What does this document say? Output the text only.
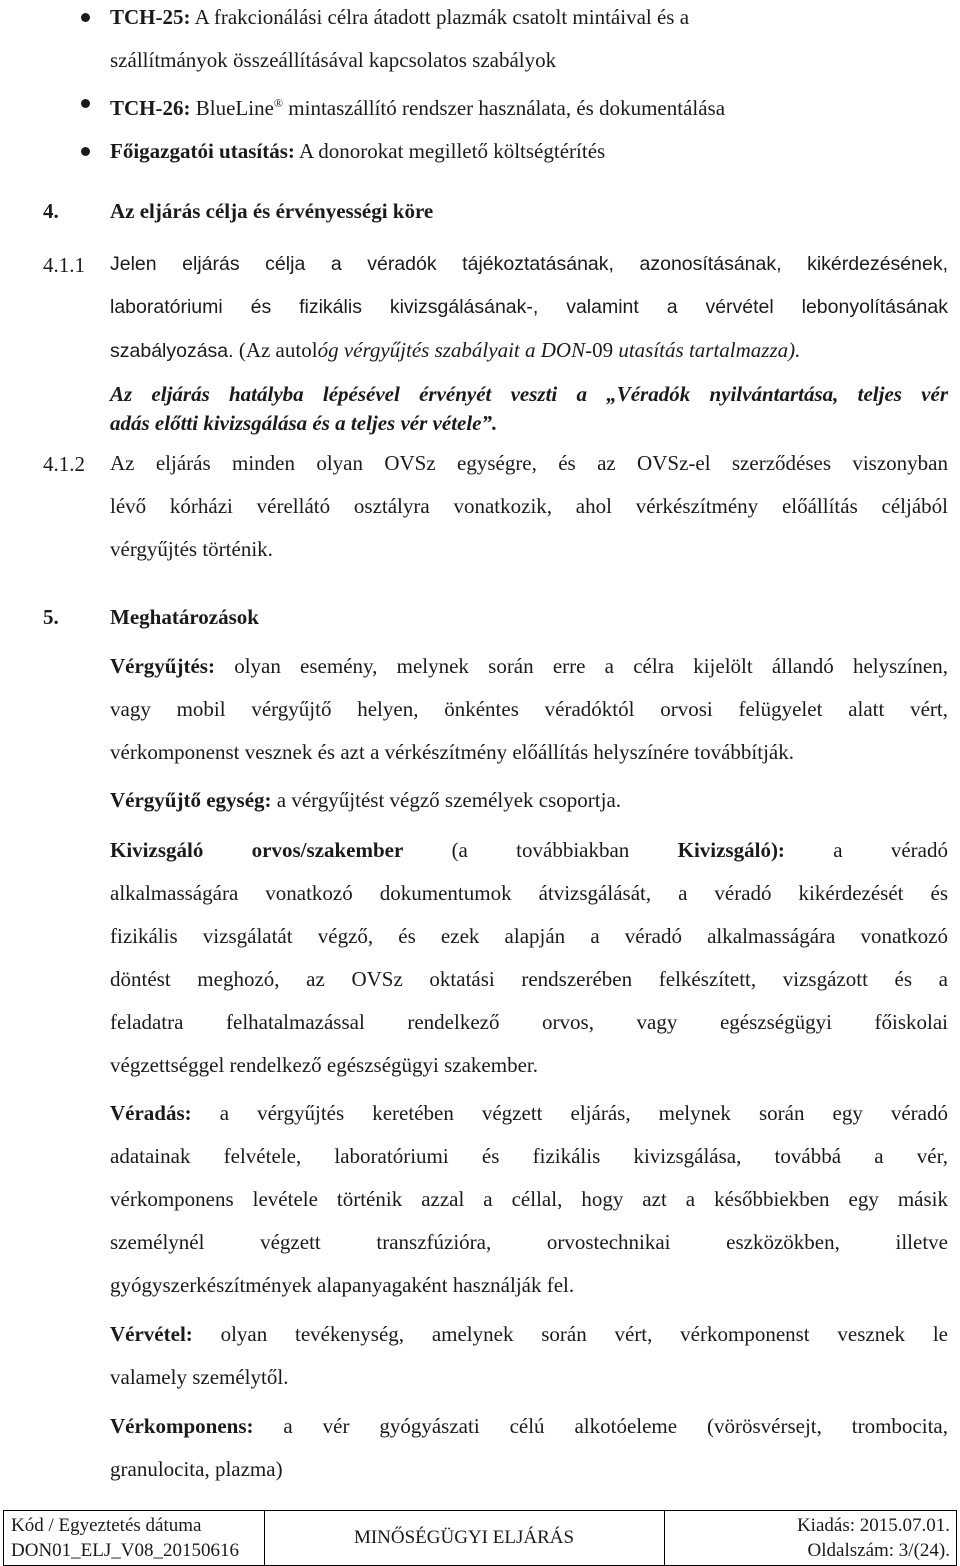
TCH-25: A frakcionálási célra átadott plazmák csatolt mintáival és a
szállítmányok összeállításával kapcsolatos szabályok
TCH-26: BlueLine® mintaszállító rendszer használata, és dokumentálása
Főigazgatói utasítás: A donorokat megillető költségtérítés
4. Az eljárás célja és érvényességi köre
4.1.1 Jelen eljárás célja a véradók tájékoztatásának, azonosításának, kikérdezésének,
laboratóriumi és fizikális kivizsgálásának-, valamint a vérvétel lebonyolításának
szabályozása. (Az autológ vérgyűjtés szabályait a DON-09 utasítás tartalmazza).
Az eljárás hatályba lépésével érvényét veszti a „Véradók nyilvántartása, teljes vér
adás előtti kivizsgálása és a teljes vér vétele”.
4.1.2 Az eljárás minden olyan OVSz egységre, és az OVSz-el szerződéses viszonyban
lévő kórházi vérellátó osztályra vonatkozik, ahol vérkészítmény előállítás céljából
vérgyűjtés történik.
5. Meghatározások
Vérgyűjtés: olyan esemény, melynek során erre a célra kijelölt állandó helyszínen,
vagy mobil vérgyűjtő helyen, önkéntes véradóktól orvosi felügyelet alatt vért,
vérkomponenst vesznek és azt a vérkészítmény előállítás helyszínére továbbítják.
Vérgyűjtő egység: a vérgyűjtést végző személyek csoportja.
Kivizsgáló orvos/szakember (a továbbiakban Kivizsgáló): a véradó
alkalmasságára vonatkozó dokumentumok átvizsgálását, a véradó kikérdezését és
fizikális vizsgálatát végző, és ezek alapján a véradó alkalmasságára vonatkozó
döntést meghozó, az OVSz oktatási rendszerében felkészített, vizsgázott és a
feladatra felhatalmazással rendelkező orvos, vagy egészségügyi főiskolai
végzettséggel rendelkező egészségügyi szakember.
Véradás: a vérgyűjtés keretében végzett eljárás, melynek során egy véradó
adatainak felvétele, laboratóriumi és fizikális kivizsgálása, továbbá a vér,
vérkomponens levétele történik azzal a céllal, hogy azt a későbbiekben egy másik
személynél végzett transzfúzióra, orvostechnikai eszközökben, illetve
gyógyszerkészítmények alapanyagaként használják fel.
Vérvétel: olyan tevékenység, amelynek során vért, vérkomponenst vesznek le
valamely személytől.
Vérkomponens: a vér gyógyászati célú alkotóeleme (vörösvérsejt, trombocita,
granulocita, plazma)
Kód / Egyeztetés dátuma
DON01_ELJ_V08_20150616
MINŐSÉGÜGYI ELJÁRÁS
Kiadás: 2015.07.01.
Oldalszám: 3/(24).
